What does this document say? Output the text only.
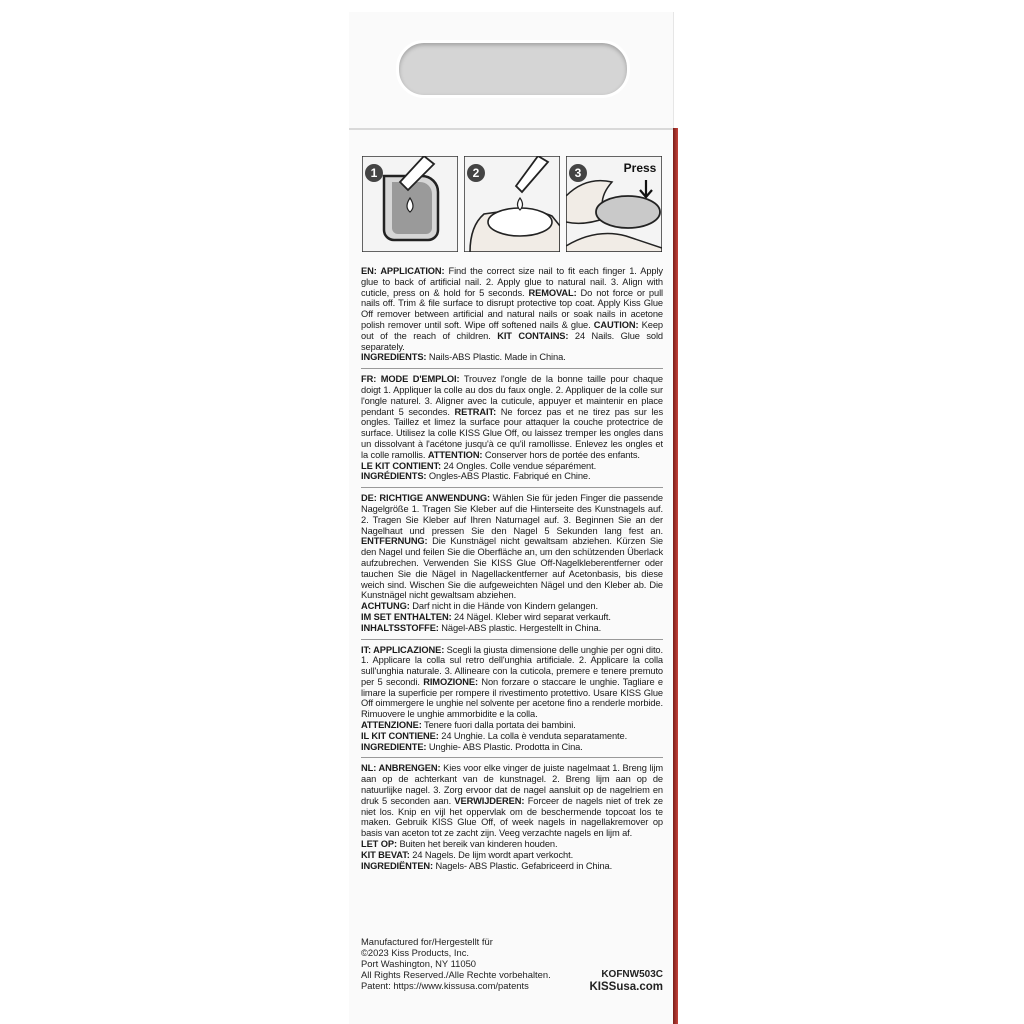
1	2	3	Press
EN: APPLICATION: Find the correct size nail to fit each finger 1. Apply glue to back of artificial nail. 2. Apply glue to natural nail. 3. Align with cuticle, press on & hold for 5 seconds. REMOVAL: Do not force or pull nails off. Trim & file surface to disrupt protective top coat. Apply Kiss Glue Off remover between artificial and natural nails or soak nails in acetone polish remover until soft. Wipe off softened nails & glue. CAUTION: Keep out of the reach of children. KIT CONTAINS: 24 Nails. Glue sold separately.
INGREDIENTS: Nails-ABS Plastic. Made in China.
FR: MODE D'EMPLOI: Trouvez l'ongle de la bonne taille pour chaque doigt 1. Appliquer la colle au dos du faux ongle. 2. Appliquer de la colle sur l'ongle naturel. 3. Aligner avec la cuticule, appuyer et maintenir en place pendant 5 secondes. RETRAIT: Ne forcez pas et ne tirez pas sur les ongles. Taillez et limez la surface pour attaquer la couche protectrice de surface. Utilisez la colle KISS Glue Off, ou laissez tremper les ongles dans un dissolvant à l'acétone jusqu'à ce qu'il ramollisse. Enlevez les ongles et la colle ramollis. ATTENTION: Conserver hors de portée des enfants.
LE KIT CONTIENT: 24 Ongles. Colle vendue séparément.
INGRÉDIENTS: Ongles-ABS Plastic. Fabriqué en Chine.
DE: RICHTIGE ANWENDUNG: Wählen Sie für jeden Finger die passende Nagelgröße 1. Tragen Sie Kleber auf die Hinterseite des Kunstnagels auf. 2. Tragen Sie Kleber auf Ihren Naturnagel auf. 3. Beginnen Sie an der Nagelhaut und pressen Sie den Nagel 5 Sekunden lang fest an. ENTFERNUNG: Die Kunstnägel nicht gewaltsam abziehen. Kürzen Sie den Nagel und feilen Sie die Oberfläche an, um den schützenden Überlack aufzubrechen. Verwenden Sie KISS Glue Off-Nagelkleberentferner oder tauchen Sie die Nägel in Nagellackentferner auf Acetonbasis, bis diese weich sind. Wischen Sie die aufgeweichten Nägel und den Kleber ab. Die Kunstnägel nicht gewaltsam abziehen.
ACHTUNG: Darf nicht in die Hände von Kindern gelangen.
IM SET ENTHALTEN: 24 Nägel. Kleber wird separat verkauft.
INHALTSSTOFFE: Nägel-ABS plastic. Hergestellt in China.
IT: APPLICAZIONE: Scegli la giusta dimensione delle unghie per ogni dito. 1. Applicare la colla sul retro dell'unghia artificiale. 2. Applicare la colla sull'unghia naturale. 3. Allineare con la cuticola, premere e tenere premuto per 5 secondi. RIMOZIONE: Non forzare o staccare le unghie. Tagliare e limare la superficie per rompere il rivestimento protettivo. Usare KISS Glue Off oimmergere le unghie nel solvente per acetone fino a renderle morbide. Rimuovere le unghie ammorbidite e la colla.
ATTENZIONE: Tenere fuori dalla portata dei bambini.
IL KIT CONTIENE: 24 Unghie. La colla è venduta separatamente.
INGREDIENTE: Unghie- ABS Plastic. Prodotta in Cina.
NL: ANBRENGEN: Kies voor elke vinger de juiste nagelmaat 1. Breng lijm aan op de achterkant van de kunstnagel. 2. Breng lijm aan op de natuurlijke nagel. 3. Zorg ervoor dat de nagel aansluit op de nagelriem en druk 5 seconden aan. VERWIJDEREN: Forceer de nagels niet of trek ze niet los. Knip en vijl het oppervlak om de beschermende topcoat los te maken. Gebruik KISS Glue Off, of week nagels in nagellakremover op basis van aceton tot ze zacht zijn. Veeg verzachte nagels en lijm af.
LET OP: Buiten het bereik van kinderen houden.
KIT BEVAT: 24 Nagels. De lijm wordt apart verkocht.
INGREDIËNTEN: Nagels- ABS Plastic. Gefabriceerd in China.
Manufactured for/Hergestellt für
©2023 Kiss Products, Inc.
Port Washington, NY 11050
All Rights Reserved./Alle Rechte vorbehalten.
Patent: https://www.kissusa.com/patents
KOFNW503C
KISSusa.com
